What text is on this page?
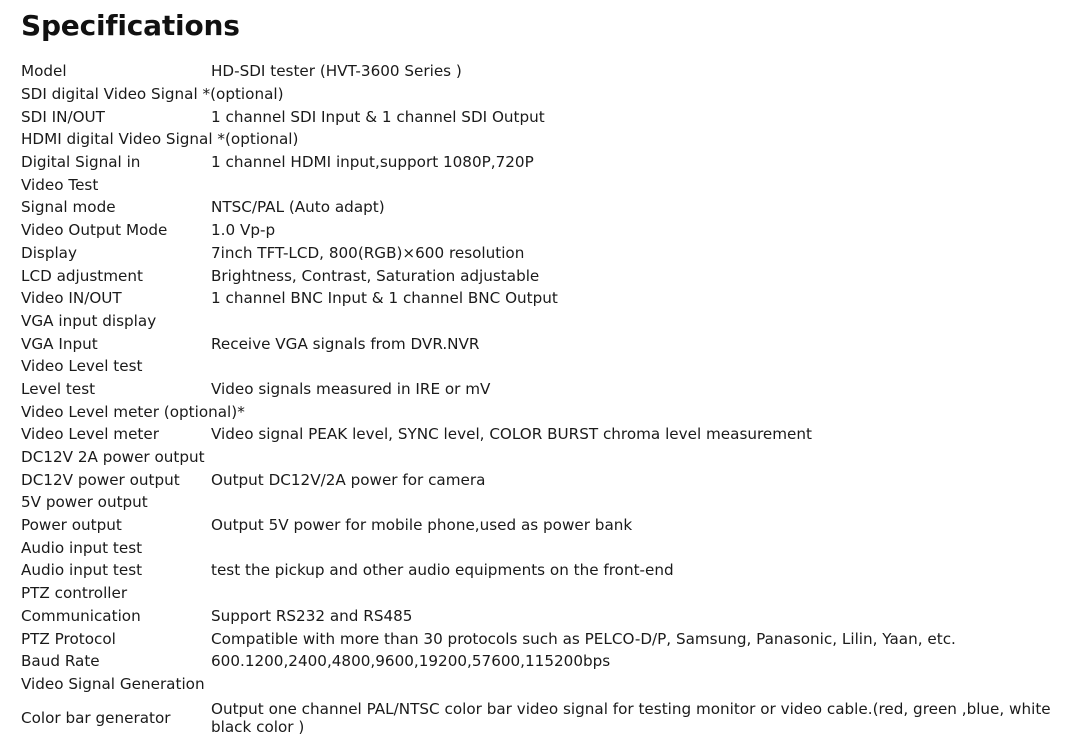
Specifications
Model	HD-SDI tester (HVT-3600 Series )
SDI digital Video Signal *(optional)	
SDI IN/OUT	1 channel SDI Input & 1 channel SDI Output
HDMI digital Video Signal *(optional)	
Digital Signal in	1 channel HDMI input,support 1080P,720P
Video Test	
Signal mode	NTSC/PAL (Auto adapt)
Video Output Mode	1.0 Vp-p
Display	7inch TFT-LCD, 800(RGB)×600 resolution
LCD adjustment	Brightness, Contrast, Saturation adjustable
Video IN/OUT	1 channel BNC Input & 1 channel BNC Output
VGA input display	
VGA Input	Receive VGA signals from DVR.NVR
Video Level test	
Level test	Video signals measured in IRE or mV
Video Level meter (optional)*	
Video Level meter	Video signal PEAK level, SYNC level, COLOR BURST chroma level measurement
DC12V 2A power output	
DC12V power output	Output DC12V/2A power for camera
5V power output	
Power output	Output 5V power for mobile phone,used as power bank
Audio input test	
Audio input test	test the pickup and other audio equipments on the front-end
PTZ controller	
Communication	Support RS232 and RS485
PTZ Protocol	Compatible with more than 30 protocols such as PELCO-D/P, Samsung, Panasonic, Lilin, Yaan, etc.
Baud Rate	600.1200,2400,4800,9600,19200,57600,115200bps
Video Signal Generation	
Color bar generator	Output one channel PAL/NTSC color bar video signal for testing monitor or video cable.(red, green ,blue, white black color )
